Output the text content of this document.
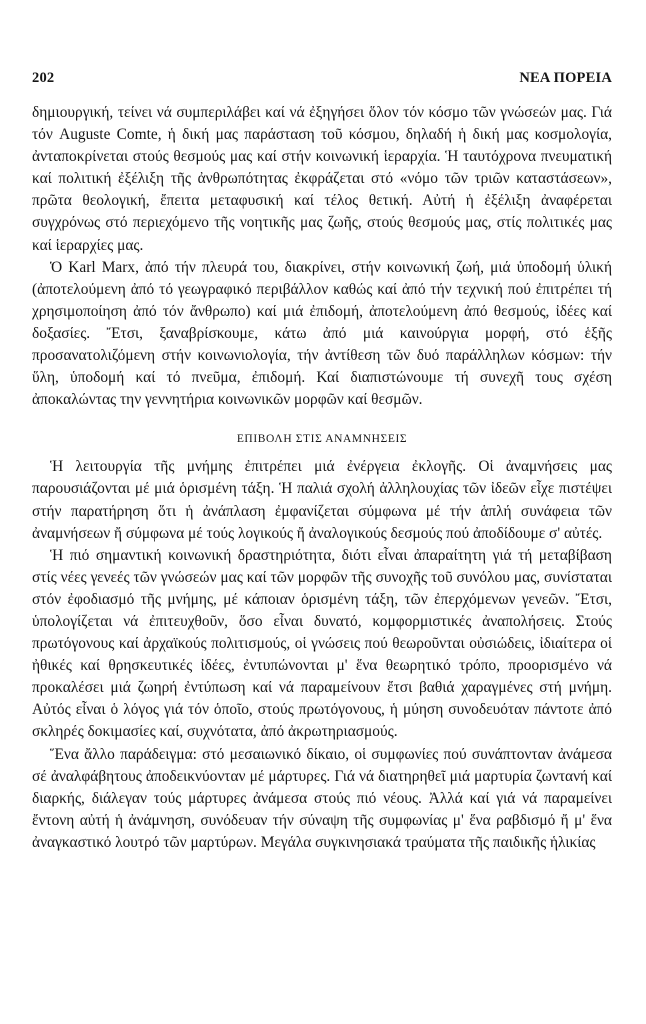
202	ΝΕΑ ΠΟΡΕΙΑ

δημιουργική, τείνει νά συμπεριλάβει καί νά ἐξηγήσει ὅλον τόν κόσμο τῶν γνώσεών μας. Γιά τόν Auguste Comte, ἡ δική μας παράσταση τοῦ κόσμου, δηλαδή ἡ δική μας κοσμολογία, ἀνταποκρίνεται στούς θεσμούς μας καί στήν κοινωνική ἱεραρχία. Ἡ ταυτόχρονα πνευματική καί πολιτική ἐξέλιξη τῆς ἀνθρωπότητας ἐκφράζεται στό «νόμο τῶν τριῶν καταστάσεων», πρῶτα θεολογική, ἔπειτα μεταφυσική καί τέλος θετική. Αὐτή ἡ ἐξέλιξη ἀναφέρεται συγχρόνως στό περιεχόμενο τῆς νοητικῆς μας ζωῆς, στούς θεσμούς μας, στίς πολιτικές μας καί ἱεραρχίες μας.

Ὁ Karl Marx, ἀπό τήν πλευρά του, διακρίνει, στήν κοινωνική ζωή, μιά ὑποδομή ὑλική (ἀποτελούμενη ἀπό τό γεωγραφικό περιβάλλον καθώς καί ἀπό τήν τεχνική πού ἐπιτρέπει τή χρησιμοποίηση ἀπό τόν ἄνθρωπο) καί μιά ἐπιδομή, ἀποτελούμενη ἀπό θεσμούς, ἰδέες καί δοξασίες. Ἔτσι, ξαναβρίσκουμε, κάτω ἀπό μιά καινούργια μορφή, στό ἑξῆς προσανατολιζόμενη στήν κοινωνιολογία, τήν ἀντίθεση τῶν δυό παράλληλων κόσμων: τήν ὕλη, ὑποδομή καί τό πνεῦμα, ἐπιδομή. Καί διαπιστώνουμε τή συνεχῆ τους σχέση ἀποκαλώντας την γεννητήρια κοινωνικῶν μορφῶν καί θεσμῶν.

ΕΠΙΒΟΛΗ ΣΤΙΣ ΑΝΑΜΝΗΣΕΙΣ

Ἡ λειτουργία τῆς μνήμης ἐπιτρέπει μιά ἐνέργεια ἐκλογῆς. Οἱ ἀναμνήσεις μας παρουσιάζονται μέ μιά ὁρισμένη τάξη. Ἡ παλιά σχολή ἀλληλουχίας τῶν ἰδεῶν εἶχε πιστέψει στήν παρατήρηση ὅτι ἡ ἀνάπλαση ἐμφανίζεται σύμφωνα μέ τήν ἁπλή συνάφεια τῶν ἀναμνήσεων ἤ σύμφωνα μέ τούς λογικούς ἤ ἀναλογικούς δεσμούς πού ἀποδίδουμε σ' αὐτές.

Ἡ πιό σημαντική κοινωνική δραστηριότητα, διότι εἶναι ἀπαραίτητη γιά τή μεταβίβαση στίς νέες γενεές τῶν γνώσεών μας καί τῶν μορφῶν τῆς συνοχῆς τοῦ συνόλου μας, συνίσταται στόν ἐφοδιασμό τῆς μνήμης, μέ κάποιαν ὁρισμένη τάξη, τῶν ἐπερχόμενων γενεῶν. Ἔτσι, ὑπολογίζεται νά ἐπιτευχθοῦν, ὅσο εἶναι δυνατό, κομφορμιστικές ἀναπολήσεις. Στούς πρωτόγονους καί ἀρχαϊκούς πολιτισμούς, οἱ γνώσεις πού θεωροῦνται οὐσιώδεις, ἰδιαίτερα οἱ ἠθικές καί θρησκευτικές ἰδέες, ἐντυπώνονται μ' ἕνα θεωρητικό τρόπο, προορισμένο νά προκαλέσει μιά ζωηρή ἐντύπωση καί νά παραμείνουν ἔτσι βαθιά χαραγμένες στή μνήμη. Αὐτός εἶναι ὁ λόγος γιά τόν ὁποῖο, στούς πρωτόγονους, ἡ μύηση συνοδευόταν πάντοτε ἀπό σκληρές δοκιμασίες καί, συχνότατα, ἀπό ἀκρωτηριασμούς.

Ἕνα ἄλλο παράδειγμα: στό μεσαιωνικό δίκαιο, οἱ συμφωνίες πού συνάπτονταν ἀνάμεσα σέ ἀναλφάβητους ἀποδεικνύονταν μέ μάρτυρες. Γιά νά διατηρηθεῖ μιά μαρτυρία ζωντανή καί διαρκής, διάλεγαν τούς μάρτυρες ἀνάμεσα στούς πιό νέους. Ἀλλά καί γιά νά παραμείνει ἔντονη αὐτή ἡ ἀνάμνηση, συνόδευαν τήν σύναψη τῆς συμφωνίας μ' ἕνα ραβδισμό ἤ μ' ἕνα ἀναγκαστικό λουτρό τῶν μαρτύρων. Μεγάλα συγκινησιακά τραύματα τῆς παιδικῆς ἡλικίας
